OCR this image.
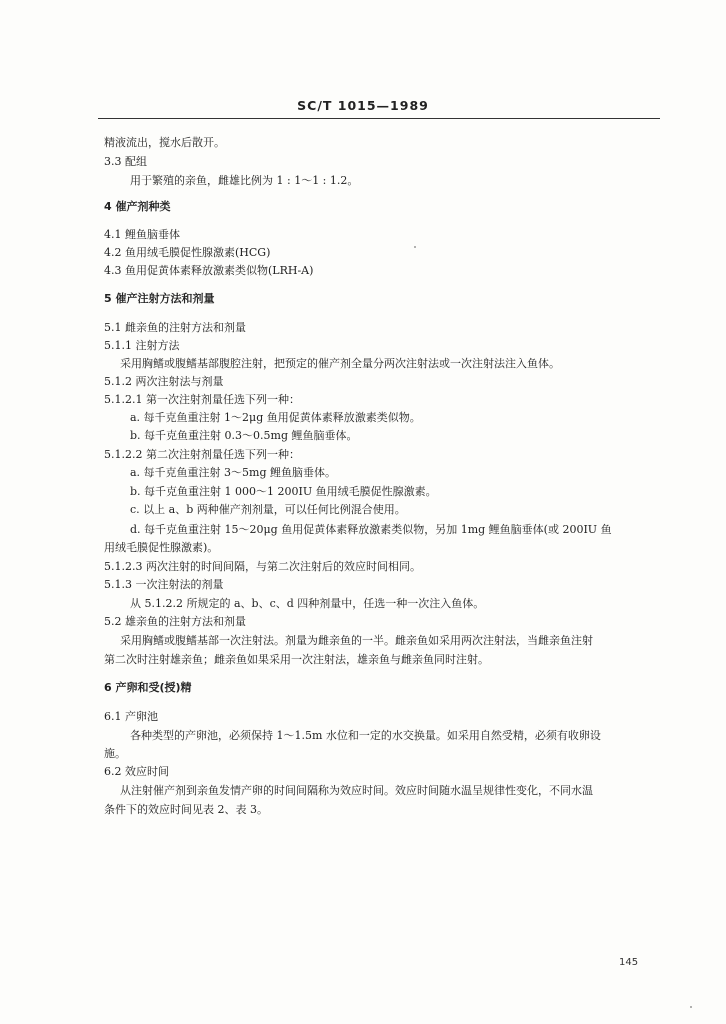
SC/T 1015—1989
精液流出，搅水后散开。
3.3 配组
用于繁殖的亲鱼，雌雄比例为 1 : 1～1 : 1.2。
4 催产剂种类
4.1 鲤鱼脑垂体
4.2 鱼用绒毛膜促性腺激素(HCG)
4.3 鱼用促黄体素释放激素类似物(LRH-A)
5 催产注射方法和剂量
5.1 雌亲鱼的注射方法和剂量
5.1.1 注射方法
采用胸鳍或腹鳍基部腹腔注射，把预定的催产剂全量分两次注射法或一次注射法注入鱼体。
5.1.2 两次注射法与剂量
5.1.2.1 第一次注射剂量任选下列一种：
a. 每千克鱼重注射 1～2μg 鱼用促黄体素释放激素类似物。
b. 每千克鱼重注射 0.3～0.5mg 鲤鱼脑垂体。
5.1.2.2 第二次注射剂量任选下列一种：
a. 每千克鱼重注射 3～5mg 鲤鱼脑垂体。
b. 每千克鱼重注射 1 000～1 200IU 鱼用绒毛膜促性腺激素。
c. 以上 a、b 两种催产剂剂量，可以任何比例混合使用。
d. 每千克鱼重注射 15～20μg 鱼用促黄体素释放激素类似物，另加 1mg 鲤鱼脑垂体(或 200IU 鱼
用绒毛膜促性腺激素)。
5.1.2.3 两次注射的时间间隔，与第二次注射后的效应时间相同。
5.1.3 一次注射法的剂量
从 5.1.2.2 所规定的 a、b、c、d 四种剂量中，任选一种一次注入鱼体。
5.2 雄亲鱼的注射方法和剂量
采用胸鳍或腹鳍基部一次注射法。剂量为雌亲鱼的一半。雌亲鱼如采用两次注射法，当雌亲鱼注射
第二次时注射雄亲鱼；雌亲鱼如果采用一次注射法，雄亲鱼与雌亲鱼同时注射。
6 产卵和受(授)精
6.1 产卵池
各种类型的产卵池，必须保持 1～1.5m 水位和一定的水交换量。如采用自然受精，必须有收卵设
施。
6.2 效应时间
从注射催产剂到亲鱼发情产卵的时间间隔称为效应时间。效应时间随水温呈规律性变化，不同水温
条件下的效应时间见表 2、表 3。
145
